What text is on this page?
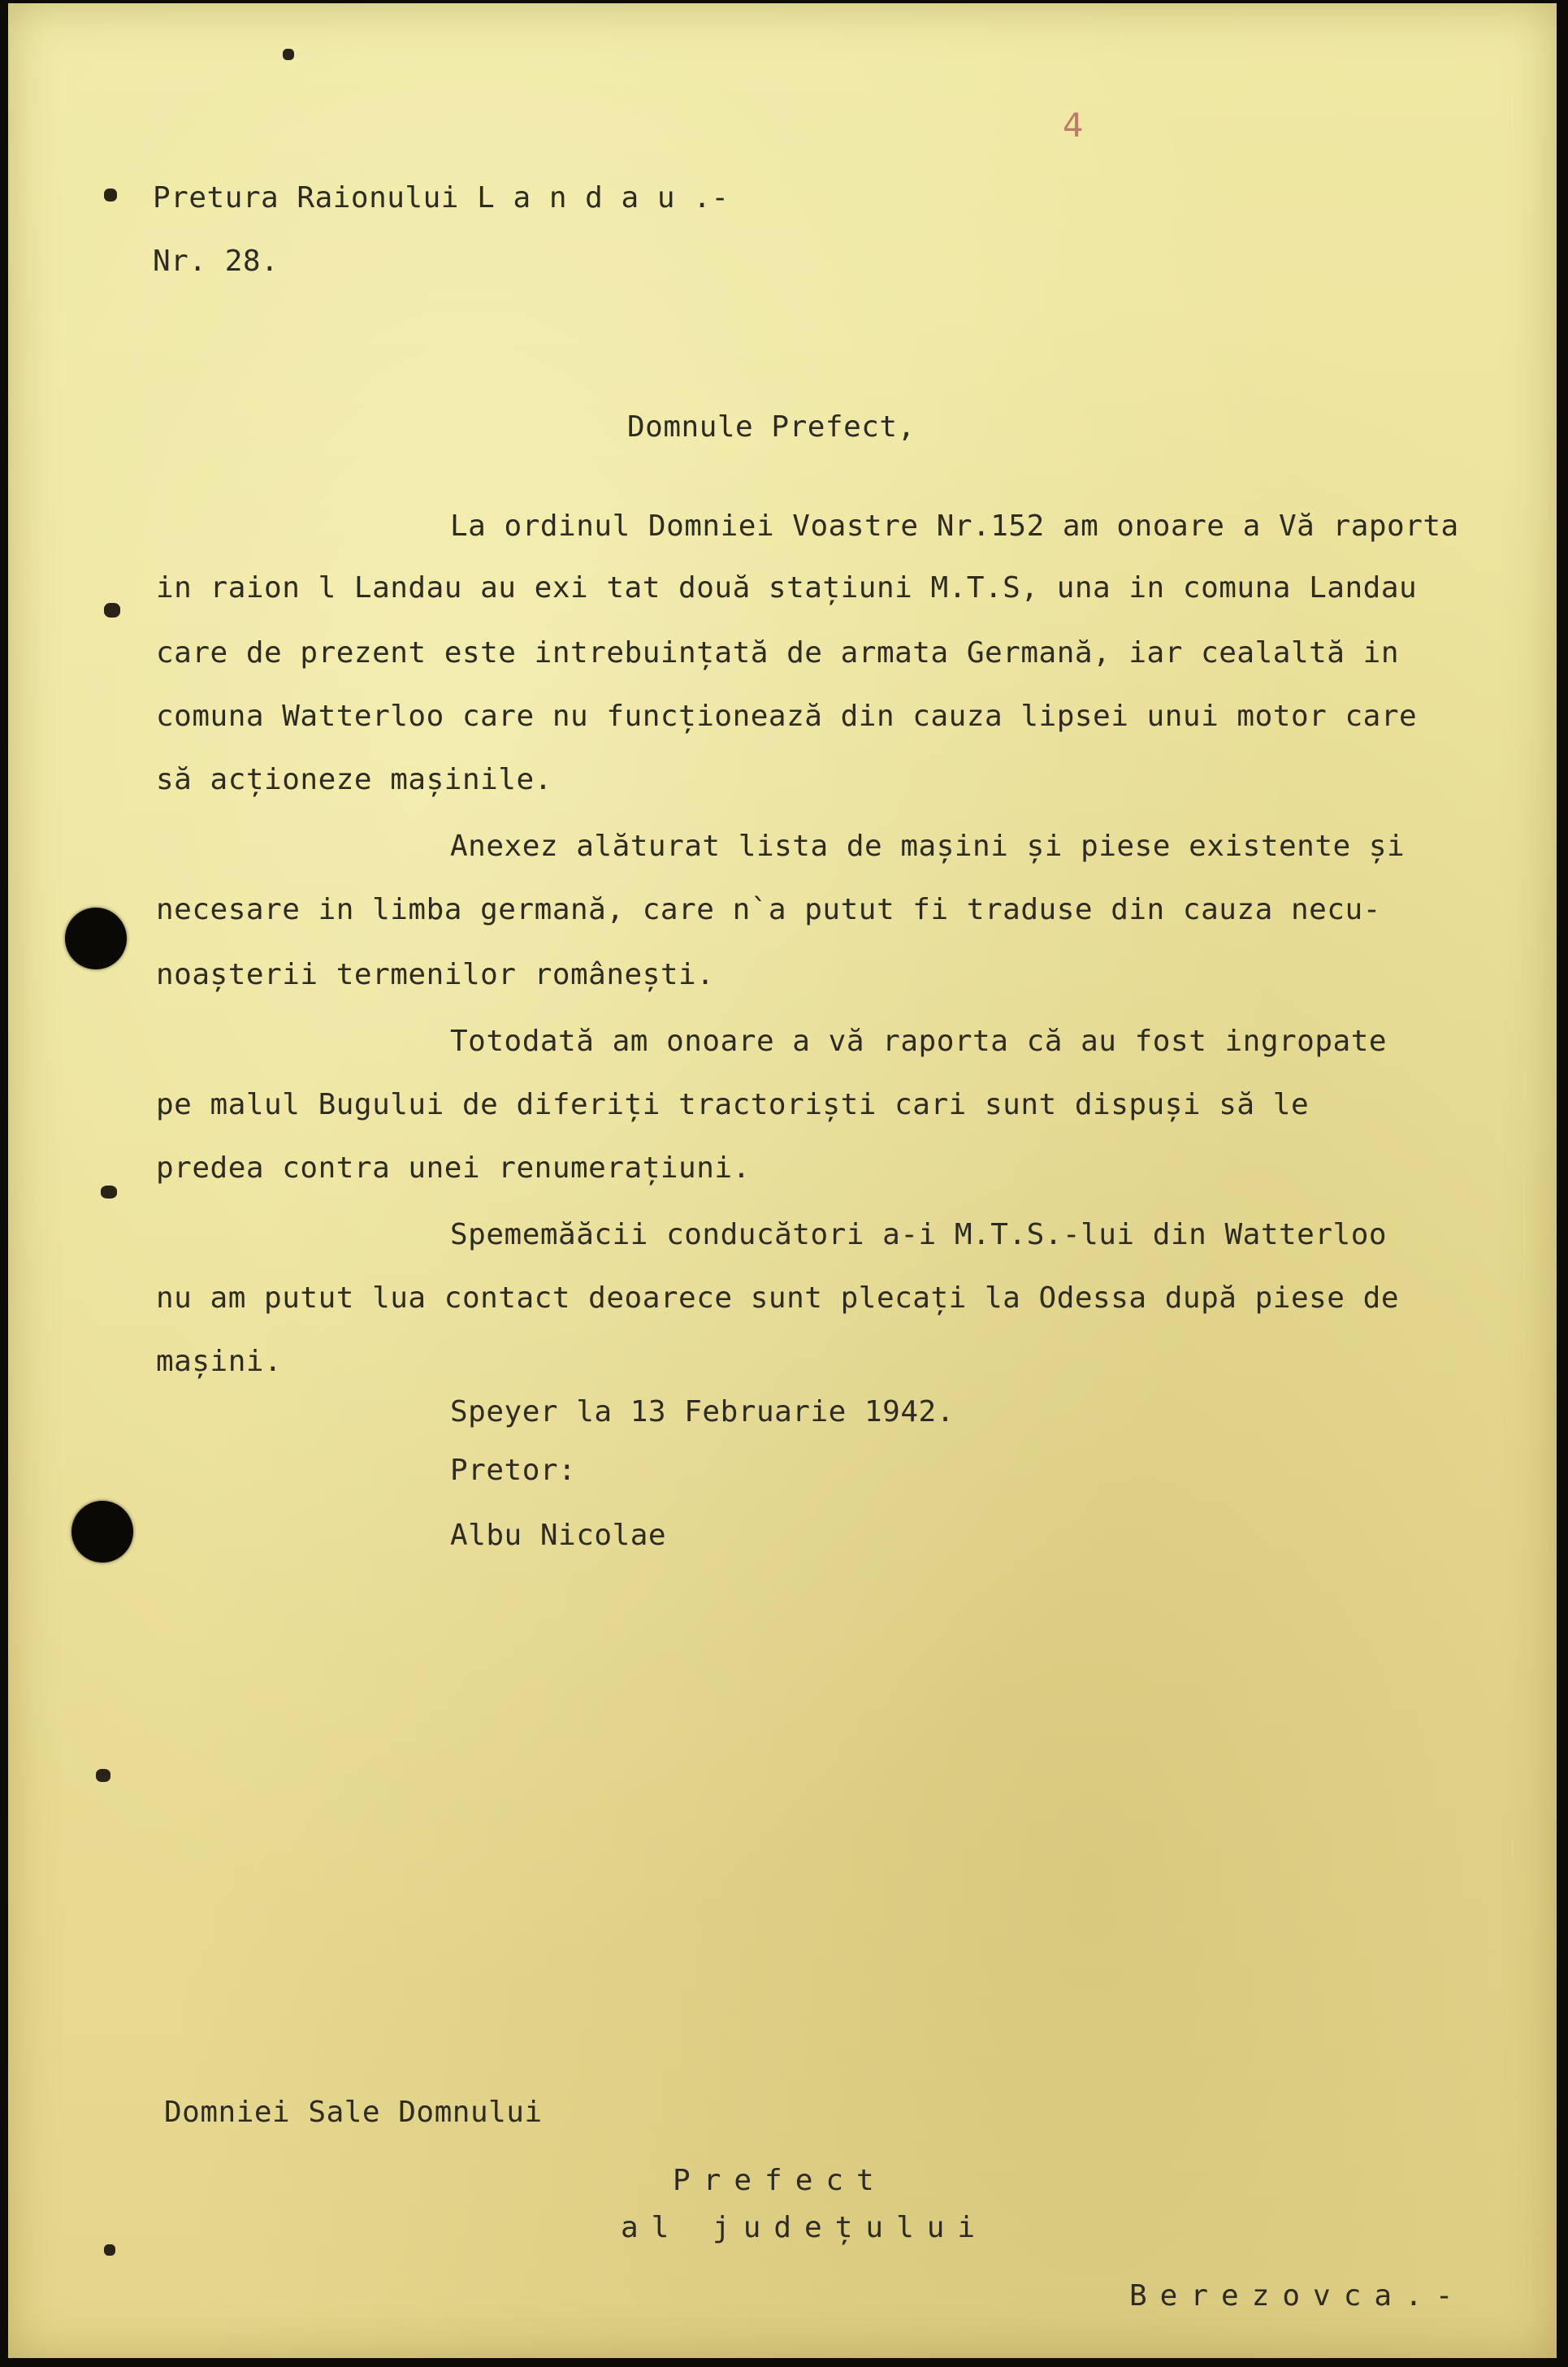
4
Pretura Raionului L a n d a u .-
Nr. 28.
Domnule Prefect,
La ordinul Domniei Voastre Nr.152 am onoare a Vă raporta
in raion l Landau au exi tat două stațiuni M.T.S, una in comuna Landau
care de prezent este intrebuințată de armata Germană, iar cealaltă in
comuna Watterloo care nu funcționează din cauza lipsei unui motor care
să acționeze mașinile.
Anexez alăturat lista de mașini și piese existente și
necesare in limba germană, care n`a putut fi traduse din cauza necu-
noașterii termenilor românești.
Totodată am onoare a vă raporta că au fost ingropate
pe malul Bugului de diferiți tractoriști cari sunt dispuși să le
predea contra unei renumerațiuni.
Spememăăcii conducători a-i M.T.S.-lui din Watterloo
nu am putut lua contact deoarece sunt plecați la Odessa după piese de
mașini.
Speyer la 13 Februarie 1942.
Pretor:
Albu Nicolae
Domniei Sale Domnului
Prefect
al județului
Berezovca.-
